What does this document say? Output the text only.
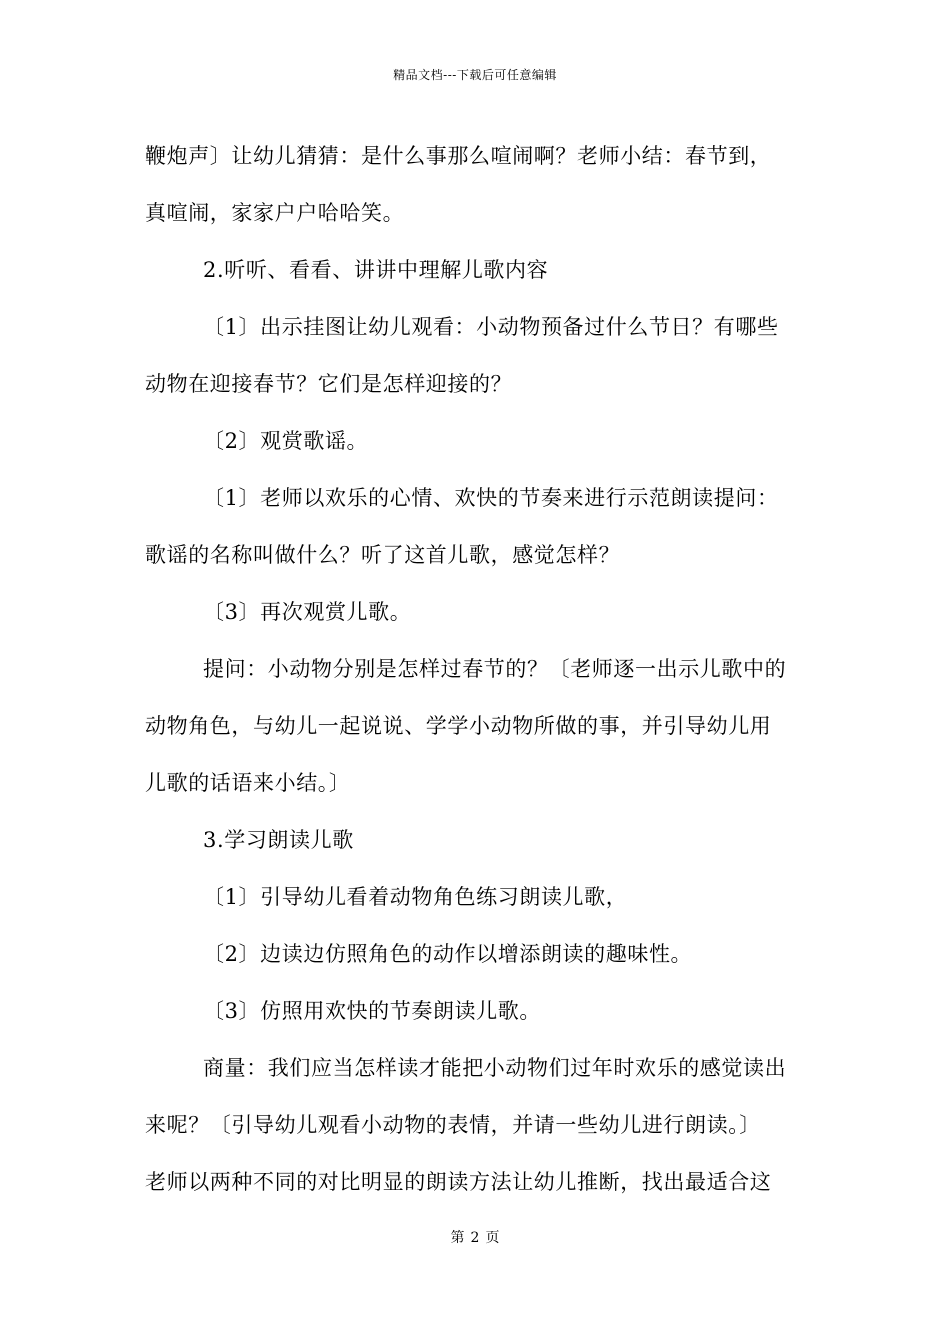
精品文档---下载后可任意编辑
鞭炮声〕让幼儿猜猜：是什么事那么喧闹啊？老师小结：春节到，
真喧闹，家家户户哈哈笑。
2.听听、看看、讲讲中理解儿歌内容
〔1〕出示挂图让幼儿观看：小动物预备过什么节日？有哪些
动物在迎接春节？它们是怎样迎接的？
〔2〕观赏歌谣。
〔1〕老师以欢乐的心情、欢快的节奏来进行示范朗读提问：
歌谣的名称叫做什么？听了这首儿歌，感觉怎样？
〔3〕再次观赏儿歌。
提问：小动物分别是怎样过春节的？〔老师逐一出示儿歌中的
动物角色，与幼儿一起说说、学学小动物所做的事，并引导幼儿用
儿歌的话语来小结。〕
3.学习朗读儿歌
〔1〕引导幼儿看着动物角色练习朗读儿歌，
〔2〕边读边仿照角色的动作以增添朗读的趣味性。
〔3〕仿照用欢快的节奏朗读儿歌。
商量：我们应当怎样读才能把小动物们过年时欢乐的感觉读出
来呢？〔引导幼儿观看小动物的表情，并请一些幼儿进行朗读。〕
老师以两种不同的对比明显的朗读方法让幼儿推断，找出最适合这
第 2 页
